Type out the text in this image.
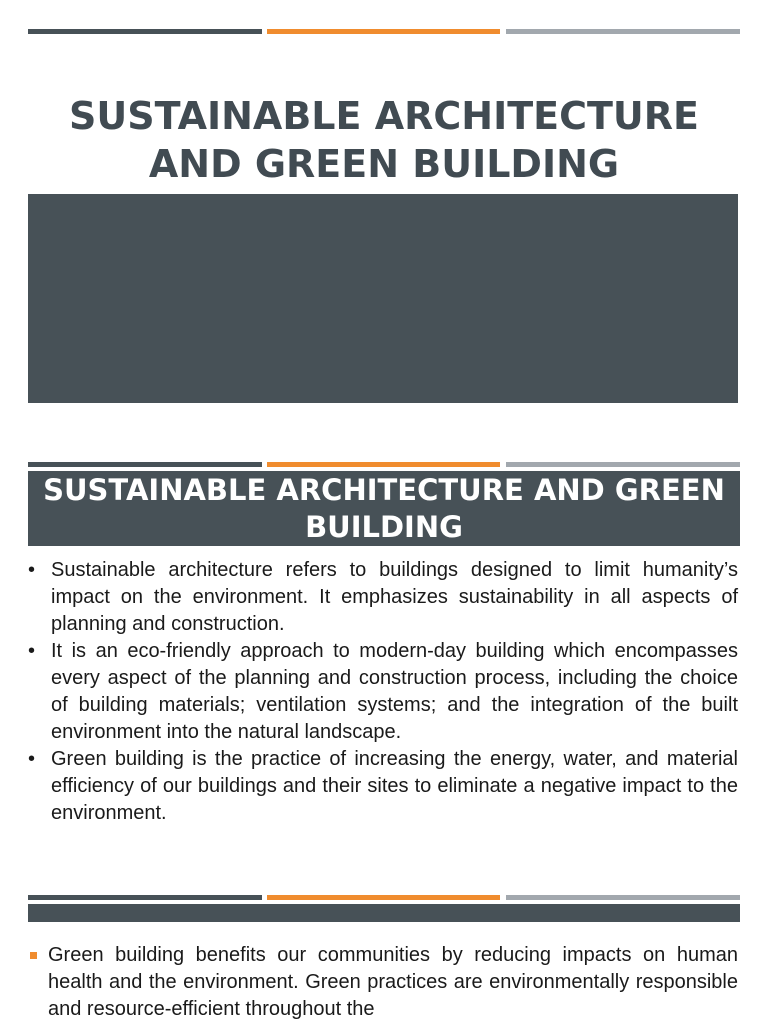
SUSTAINABLE ARCHITECTURE AND GREEN BUILDING
SUSTAINABLE ARCHITECTURE AND GREEN BUILDING
• Sustainable architecture refers to buildings designed to limit humanity’s impact on the environment. It emphasizes sustainability in all aspects of planning and construction.
• It is an eco-friendly approach to modern-day building which encompasses every aspect of the planning and construction process, including the choice of building materials; ventilation systems; and the integration of the built environment into the natural landscape.
• Green building is the practice of increasing the energy, water, and material efficiency of our buildings and their sites to eliminate a negative impact to the environment.
Green building benefits our communities by reducing impacts on human health and the environment. Green practices are environmentally responsible and resource-efficient throughout the
